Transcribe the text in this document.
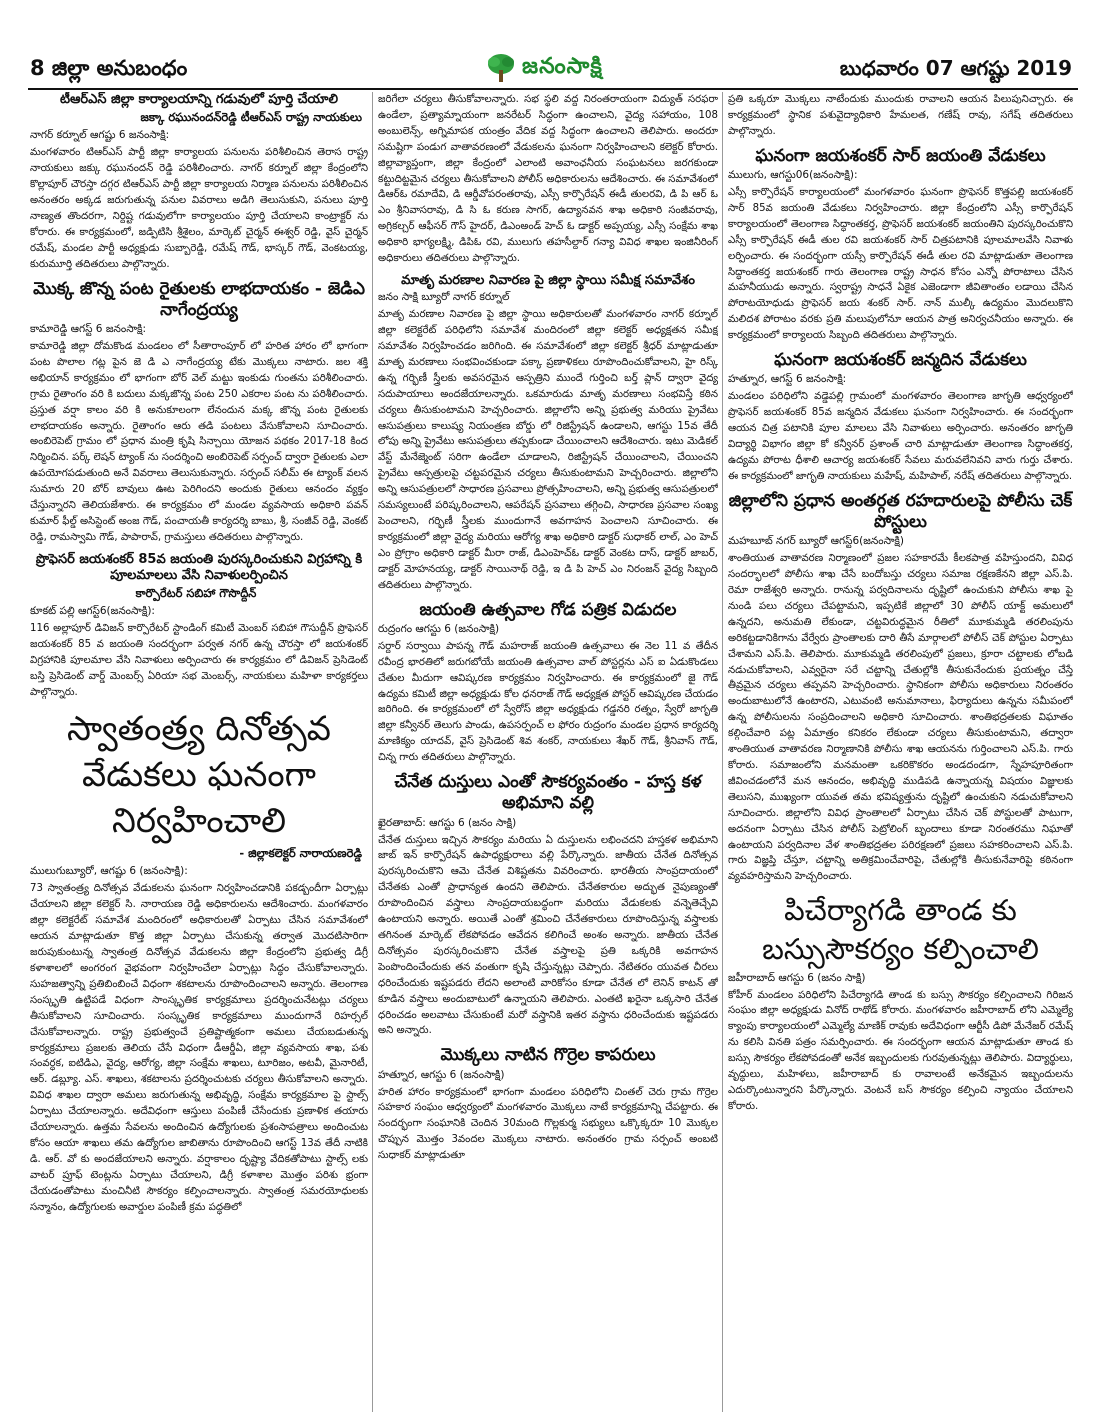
8 జిల్లా అనుబంధం	జనంసాక్షి	బుధవారం 07 ఆగష్టు 2019
టీఆర్ఎస్ జిల్లా కార్యాలయాన్ని గడువులో పూర్తి చేయాలి
జక్కా రఘునందన్‌రెడ్డి టీఆర్ఎస్ రాష్ట్ర నాయకులు
నాగర్ కర్నూల్ ఆగష్టు 6 జనంసాక్షి:
మంగళవారం టిఆర్ఎస్ పార్టీ జిల్లా కార్యాలయ పనులను పరిశీలించిన తెరాస రాష్ట్ర నాయకులు జక్కు రఘునందన్ రెడ్డి పరిశీలించారు. నాగర్ కర్నూల్ జిల్లా కేంద్రంలోని కొల్లాపూర్ చౌరస్తా దగ్గర టిఆర్ఎస్ పార్టీ జిల్లా కార్యాలయ నిర్మాణ పనులను పరిశీలించిన అనంతరం అక్కడ జరుగుతున్న పనుల వివరాలు అడిగి తెలుసుకుని, పనులు పూర్తి నాణ్యత తొందరగా, నిర్దిష్ట గడువులోగా కార్యాలయం పూర్తి చేయాలని కాంట్రాక్టర్ ను కోరారు. ఈ కార్యక్రమంలో, జడ్పిటిసి శ్రీశైలం, మార్కెట్ చైర్మన్ ఈశ్వర్ రెడ్డి, వైస్ చైర్మన్ రమేష్, మండల పార్టీ అధ్యక్షుడు సుబ్బారెడ్డి, రమేష్ గౌడ్, భాస్కర్ గౌడ్, వెంకటయ్య, కురుమూర్తి తదితరులు పాల్గొన్నారు.
మొక్క జొన్న పంట రైతులకు లాభదాయకం - జెడిఎ నాగేంద్రయ్య
కామారెడ్డి ఆగస్ట్ 6 జనంసాక్షి:
కామారెడ్డి జిల్లా దోమకొండ మండలం లో సీతారాంపూర్ లో హరిత హారం లో భాగంగా పంట పొలాల గట్ల పైన జె డి ఎ నాగేంద్రయ్య టేకు మొక్కలు నాటారు. జల శక్తి అభియాన్ కార్యక్రమం లో భాగంగా బోర్ వెల్ మట్టు ఇంకుడు గుంతను పరిశీలించారు. గ్రామ రైతాంగం వరి కి బదులు మక్కజొన్న పంట 250 ఎకరాల పంట ను పరిశీలించారు. ప్రస్తుత వర్షా కాలం వరి కి అనుకూలంగా లేనందున మక్క జొన్న పంట రైతులకు లాభదాయకం అన్నారు. రైతాంగం ఆరు తడి పంటలు వేసుకోవాలని సూచించారు. అంబిరెపెట్ గ్రామం లో ప్రధాన మంత్రి కృషి సిన్చాయి యోజన పథకం 2017-18 కింద నిర్మించిన. పర్క్ లెషన్ ట్యాంక్ ను సందర్శించి అంబిరెపెట్ సర్పంచ్ ద్వారా రైతులకు ఎలా ఉపయోగపడుతుంది అనే వివరాలు తెలుసుకున్నారు. సర్పంచ్ సలీమ్ ఈ ట్యాంక్ వలన సుమారు 20 బోర్ బావులు ఊట పెరిగిందని అందుకు రైతులు ఆనందం వ్యక్తం చేస్తున్నారని తెలియజేశారు. ఈ కార్యక్రమం లో మండల వ్యవసాయ అధికారి పవన్ కుమార్ ఫీల్డ్ అసిస్టెంట్ అంజ గౌడ్, పంచాయతీ కార్యదర్శి బాబు, శ్రీ, సంజీవ్ రెడ్డి, వెంకట్ రెడ్డి, రామస్వామి గౌడ్, పాపారావ్, గ్రామస్తులు తదితరులు పాల్గొన్నారు.
ప్రొఫెసర్ జయశంకర్ 85వ జయంతి పురస్కరించుకుని విగ్రహాన్ని కి పూలమాలలు వేసి నివాళులర్పించిన
కార్పొరేటర్ సబిహా గౌసొద్దీన్
కూకట్ పల్లి ఆగస్ట్6(జనంసాక్షి):
116 అల్లాపూర్ డివిజన్ కార్పొరేటర్ స్టాండింగ్ కమిటీ మెంబర్ సబిహా గౌసుద్దీన్ ప్రొఫెసర్ జయశంకర్ 85 వ జయంతి సందర్భంగా పర్వత నగర్ ఉన్న చౌరస్తా లో జయశంకర్ విగ్రహానికి పూలమాల వేసి నివాళులు అర్పించారు ఈ కార్యక్రమం లో డివిజన్ ప్రెసిడెంట్ బస్తి ప్రెసిడెంట్ వార్డ్ మెంబర్స్ ఏరియా సభ మెంబర్స్, నాయకులు మహిళా కార్యకర్తలు పాల్గొన్నారు.
స్వాతంత్ర్య దినోత్సవ వేడుకలు ఘనంగా నిర్వహించాలి
- జిల్లాకలెక్టర్ నారాయణరెడ్డి
ములుగుబ్యూరో, ఆగష్టు 6 (జనంసాక్షి):
73 స్వాతంత్ర్య దినోత్సవ వేడుకలను ఘనంగా నిర్వహించడానికి పకడ్బందీగా ఏర్పాట్లు చేయాలని జిల్లా కలెక్టర్ సి. నారాయణ రెడ్డి అధికారులను ఆదేశించారు. మంగళవారం జిల్లా కలెక్టరేట్ సమావేశ మందిరంలో అధికారులతో ఏర్పాటు చేసిన సమావేశంలో ఆయన మాట్లాడుతూ కొత్త జిల్లా ఏర్పాటు చేసుకున్న తర్వాత మొదటిసారిగా జరుపుకుంటున్న స్వాతంత్ర దినోత్సవ వేడుకలను జిల్లా కేంద్రంలోని ప్రభుత్వ డిగ్రీ కళాశాలలో అంగరంగ వైభవంగా నిర్వహించేలా ఏర్పాట్లు సిద్ధం చేసుకోవాలన్నారు. సుహజత్వాన్ని ప్రతిబింబించే విధంగా శకటాలను రూపొందించాలని అన్నారు. తెలంగాణ సంస్కృతి ఉట్టిపడే విధంగా సాంస్కృతిక కార్యక్రమాలు ప్రదర్శించునేటట్లు చర్యలు తీసుకోవాలని సూచించారు. సంస్కృతిక కార్యక్రమాలు ముందుగానే రిహర్సల్ చేసుకోవాలన్నారు. రాష్ట్ర ప్రభుత్వంచే ప్రతిష్టాత్మకంగా అమలు చేయబడుతున్న కార్యక్రమాలు ప్రజలకు తెలియ చేసే విధంగా డీఆర్డీఏ, జిల్లా వ్యవసాయ శాఖ, పశు సంవర్ధక, ఐటిడిఎ, వైద్య, ఆరోగ్య, జిల్లా సంక్షేమ శాఖలు, టూరిజం, అటవీ, మైనారిటీ, ఆర్. డబ్ల్యూ. ఎస్. శాఖలు, శకటాలను ప్రదర్శించుటకు చర్యలు తీసుకోవాలని అన్నారు. వివిధ శాఖల ద్వారా అమలు జరుగుతున్న అభివృద్ధి, సంక్షేమ కార్యక్రమాల పై స్టాల్స్ ఏర్పాటు చేయాలన్నారు. అదేవిధంగా ఆస్తులు పంపిణీ చేసేందుకు ప్రణాళిక తయారు చేయాలన్నారు. ఉత్తమ సేవలను అందించిన ఉద్యోగులకు ప్రశంసాపత్రాలు అందించుట కోసం ఆయా శాఖలు తమ ఉద్యోగుల జాబితాను రూపొందించి ఆగస్ట్ 13వ తేదీ నాటికి డి. ఆర్. వో కు అందజేయాలని అన్నారు. వర్షాకాలం దృష్ట్యా వేదికతోపాటు స్టాల్స్ లకు వాటర్ ప్రూఫ్ టెంట్లను ఏర్పాటు చేయాలని, డిగ్రీ కళాశాల మొత్తం పరిశు భ్రంగా చేయడంతోపాటు మంచినీటి సౌకర్యం కల్పించాలన్నారు. స్వాతంత్ర సమరయోధులకు సన్మానం, ఉద్యోగులకు అవార్డుల పంపిణీ క్రమ పద్ధతిలో
జరిగేలా చర్యలు తీసుకోవాలన్నారు. సభ స్థలి వద్ద నిరంతరాయంగా విద్యుత్ సరఫరా ఉండేలా, ప్రత్యామ్నాయంగా జనరేటర్ సిద్ధంగా ఉంచాలని, వైద్య సహాయం, 108 అంబులెన్స్, అగ్నిమాపక యంత్రం వేదిక వద్ద సిద్ధంగా ఉంచాలని తెలిపారు. అందరూ సమష్టిగా పండుగ వాతావరణంలో వేడుకలను ఘనంగా నిర్వహించాలని కలెక్టర్ కోరారు. జిల్లావ్యాప్తంగా, జిల్లా కేంద్రంలో ఎలాంటి అవాంఛనీయ సంఘటనలు జరగకుండా కట్టుదిట్టమైన చర్యలు తీసుకోవాలని పోలీస్ అధికారులను ఆదేశించారు. ఈ సమావేశంలో డిఆర్ఓ రమాదేవి, డి ఆర్డీవోపరంతరావు, ఎస్సీ కార్పొరేషన్ ఈడీ తులరవి, డి పి ఆర్ ఓ ఎం శ్రీనివాసరావు, డి సి ఓ కరుణ సాగర్, ఉద్యానవన శాఖ అధికారి సంజీవరావు, అగ్రికల్చర్ ఆఫీసర్ గౌస్ హైదర్, డిఎంఅండ్ హెచ్ ఓ డాక్టర్ అప్పయ్య, ఎస్సీ సంక్షేమ శాఖ అధికారి భాగ్యలక్ష్మి, డిపిఓ రవి, ములుగు తహసీల్దార్ గన్యా వివిధ శాఖల ఇంజినీరింగ్ అధికారులు తదితరులు పాల్గొన్నారు.
మాతృ మరణాల నివారణ పై జిల్లా స్థాయి సమీక్ష సమావేశం
జనం సాక్షి బ్యూరో నాగర్ కర్నూల్
మాతృ మరణాల నివారణ పై జిల్లా స్థాయి అధికారులతో మంగళవారం నాగర్ కర్నూల్ జిల్లా కలెక్టరేట్ పరిధిలోని సమావేశ మందిరంలో జిల్లా కలెక్టర్ అధ్యక్షతన సమీక్ష సమావేశం నిర్వహించడం జరిగింది. ఈ సమావేశంలో జిల్లా కలెక్టర్ శ్రీధర్ మాట్లాడుతూ మాతృ మరణాలు సంభవించకుండా పక్కా ప్రణాళికలు రూపొందించుకోవాలని, హై రిస్క్ ఉన్న గర్భిణీ స్త్రీలకు అవసరమైన ఆస్పత్రిని ముందే గుర్తించి బర్త్ ప్లాన్ ద్వారా వైద్య సదుపాయాలు అందజేయాలన్నారు. ఒకమారుడు మాతృ మరణాలు సంభవిస్తే కఠిన చర్యలు తీసుకుంటామని హెచ్చరించారు. జిల్లాలోని అన్ని ప్రభుత్వ మరియు ప్రైవేటు ఆసుపత్రులు కాలుష్య నియంత్రణ బోర్డు లో రిజిస్ట్రేషన్ ఉండాలని, ఆగస్టు 15వ తేదీ లోపు అన్ని ప్రైవేటు ఆసుపత్రులు తప్పకుండా చేయించాలని ఆదేశించారు. ఇటు మెడికల్ వేస్ట్ మేనేజ్మెంట్ సరిగా ఉండేలా చూడాలని, రిజిస్ట్రేషన్ చేయించాలని, చేయించని ప్రైవేటు ఆస్పత్రులపై చట్టపరమైన చర్యలు తీసుకుంటామని హెచ్చరించారు. జిల్లాలోని అన్ని ఆసుపత్రులలో సాధారణ ప్రసవాలు ప్రోత్సహించాలని, అన్ని ప్రభుత్వ ఆసుపత్రులలో సమస్యలుంటే పరిష్కరించాలని, ఆపరేషన్ ప్రసవాలు తగ్గించి, సాధారణ ప్రసవాల సంఖ్య పెంచాలని, గర్భిణీ స్త్రీలకు ముందుగానే అవగాహన పెంచాలని సూచించారు. ఈ కార్యక్రమంలో జిల్లా వైద్య మరియు ఆరోగ్య శాఖ అధికారి డాక్టర్ సుధాకర్ లాల్, ఎం హెచ్ ఎం ప్రోగ్రాం అధికారి డాక్టర్ మీరా రాజ్, డిఎంహెచ్ఓ డాక్టర్ వెంకట దాస్, డాక్టర్ జాబర్, డాక్టర్ మోహనయ్య, డాక్టర్ సాయినాథ్ రెడ్డి, ఇ డి పి హెచ్ ఎం నిరంజన్ వైద్య సిబ్బంది తదితరులు పాల్గొన్నారు.
జయంతి ఉత్సవాల గోడ పత్రిక విడుదల
రుద్రంగం ఆగస్టు 6 (జనంసాక్షి)
సర్దార్ సర్వాయి పాపన్న గౌడ్ మహరాజ్ జయంతి ఉత్సవాలు ఈ నెల 11 వ తేదీన రవీంద్ర భారతిలో జరుగబోయే జయంతి ఉత్సవాల వాల్ పోస్టర్లను ఎస్ ఐ ఏడుకొండలు చేతుల మీదుగా ఆవిష్కరణ కార్యక్రమం నిర్వహించారు. ఈ కార్యక్రమంలో జై గౌడ్ ఉద్యమ కమిటీ జిల్లా అధ్యక్షుడు కోల ధనరాజ్ గౌడ్ అధ్యక్షత పోస్టర్ ఆవిష్కరణ చేయడం జరిగింది. ఈ కార్యక్రమంలో లో స్వేరోస్ జిల్లా అధ్యక్షుడు గడ్డనరి రత్నం, స్వేరో జాగృతి జిల్లా కన్వీనర్ తెలుగు పాండు, ఉపసర్పంచ్ ల ఫోరం రుద్రంగం మండల ప్రధాన కార్యదర్శి మాణిక్యం యాదవ్, వైస్ ప్రెసిడెంట్ శివ శంకర్, నాయకులు శేఖర్ గౌడ్, శ్రీనివాస్ గౌడ్, చిన్న గారు తదితరులు పాల్గొన్నారు.
చేనేత దుస్తులు ఎంతో సౌకర్యవంతం - హస్త కళ అభిమాని వల్లి
ఖైరతాబాద్: ఆగస్టు 6 (జనం సాక్షి)
చేనేత దుస్తులు ఇచ్చిన సౌకర్యం మరియు ఏ దుస్తులను లభించదని హస్తకళ అభిమాని జాబ్ ఇన్ కార్పొరేషన్ ఉపాధ్యక్షురాలు వల్లి పేర్కొన్నారు. జాతీయ చేనేత దినోత్సవ పురస్కరించుకొని ఆమె చేనేత విశిష్టతను వివరించారు. భారతీయ సాంప్రదాయంలో చేనేతకు ఎంతో ప్రాధాన్యత ఉందని తెలిపారు. చేనేతకారుల అద్భుత నైపుణ్యంతో రూపొందించిన వస్త్రాలు సాంప్రదాయబద్ధంగా మరియు వేడుకలకు వన్నెతెచ్చేవి ఉంటాయని అన్నారు. అయితే ఎంతో శ్రమించి చేనేతకారులు రూపొందిస్తున్న వస్త్రాలకు తగినంత మార్కెట్ లేకపోవడం ఆవేదన కలిగించే అంశం అన్నారు. జాతీయ చేనేత దినోత్సవం పురస్కరించుకొని చేనేత వస్త్రాలపై ప్రతి ఒక్కరికి అవగాహన పెంపొందించేందుకు తన వంతుగా కృషి చేస్తున్నట్లు చెప్పారు. నేటితరం యువత చీరలు ధరించేందుకు ఇష్టపడరు లేదని అలాంటి వారికోసం కూడా చేనేత లో లెనిన్ కాటన్ తో కూడిన వస్త్రాలు అందుబాటులో ఉన్నాయని తెలిపారు. ఎంతటి ఖరైనా ఒక్కసారి చేనేత ధరించడం అలవాటు చేసుకుంటే మరో వస్త్రానికి ఇతర వస్త్రాను ధరించేందుకు ఇష్టపడరు అని అన్నారు.
మొక్కలు నాటిన గొర్రెల కాపరులు
హత్నూర, ఆగస్టు 6 (జనంసాక్షి)
హరిత హారం కార్యక్రమంలో భాగంగా మండలం పరిధిలోని చింతల్ చెరు గ్రామ గొర్రెల సహకార సంఘం ఆధ్వర్యంలో మంగళవారం మొక్కలు నాటే కార్యక్రమాన్ని చేపట్టారు. ఈ సందర్భంగా సంఘానికి చెందిన 30మంది గొల్లకుర్మ సభ్యులు ఒక్కొక్కరూ 10 మొక్కల చొప్పున మొత్తం 3వందల మొక్కలు నాటారు. అనంతరం గ్రామ సర్పంచ్ అంబటి సుధాకర్ మాట్లాడుతూ
ప్రతి ఒక్కరూ మొక్కలు నాటేందుకు ముందుకు రావాలని ఆయన పిలుపునిచ్చారు. ఈ కార్యక్రమంలో స్థానిక పశువైద్యాధికారి హేమలత, గణేష్ రావు, సగేష్ తదితరులు పాల్గొన్నారు.
ఘనంగా జయశంకర్ సార్ జయంతి వేడుకలు
ములుగు, ఆగస్టు06(జనంసాక్షి):
ఎస్సీ కార్పొరేషన్ కార్యాలయంలో మంగళవారం ఘనంగా ప్రొఫెసర్ కొత్తపల్లి జయశంకర్ సార్ 85వ జయంతి వేడుకలు నిర్వహించారు. జిల్లా కేంద్రంలోని ఎస్సీ కార్పొరేషన్ కార్యాలయంలో తెలంగాణ సిద్ధాంతకర్త, ప్రొఫెసర్ జయశంకర్ జయంతిని పురస్కరించుకొని ఎస్సీ కార్పొరేషన్ ఈడీ తుల రవి జయశంకర్ సార్ చిత్రపటానికి పూలమాలవేసి నివాళు లర్పించారు. ఈ సందర్భంగా యస్సీ కార్పొరేషన్ ఈడీ తుల రవి మాట్లాడుతూ తెలంగాణ సిద్ధాంతకర్త జయశంకర్ గారు తెలంగాణ రాష్ట్ర సాధన కోసం ఎన్నో పోరాటాలు చేసిన మహనీయుడు అన్నారు. స్వరాష్ట్ర సాధనే ఏకైక ఎజెండాగా జీవితాంతం లడాయి చేసిన పోరాటయోధుడు ప్రొఫెసర్ జయ శంకర్ సార్. నాన్ ముల్కీ ఉద్యమం మొదలుకొని మలిదశ పోరాటం వరకు ప్రతి మలుపులోనూ ఆయన పాత్ర అనిర్వచనీయం అన్నారు. ఈ కార్యక్రమంలో కార్యాలయ సిబ్బంది తదితరులు పాల్గొన్నారు.
ఘనంగా జయశంకర్ జన్మదిన వేడుకలు
హత్నూర, ఆగస్ట్ 6 జనంసాక్షి:
మండలం పరిధిలోని వడ్డెపల్లి గ్రామంలో మంగళవారం తెలంగాణ జాగృతి ఆధ్వర్యంలో ప్రొఫెసర్ జయశంకర్ 85వ జన్మదిన వేడుకలు ఘనంగా నిర్వహించారు. ఈ సందర్భంగా ఆయన చిత్ర పటానికి పూల మాలలు వేసి నివాళులు అర్పించారు. అనంతరం జాగృతి విద్యార్థి విభాగం జిల్లా కో కన్వీనర్ ప్రశాంత్ చారి మాట్లాడుతూ తెలంగాణ సిద్ధాంతకర్త, ఉద్యమ పోరాట ధీశాలి ఆచార్య జయశంకర్ సేవలు మరువలేనివని వారు గుర్తు చేశారు. ఈ కార్యక్రమంలో జాగృతి నాయకులు మహేష్, మహిపాల్, నరేష్ తదితరులు పాల్గొన్నారు.
జిల్లాలోని ప్రధాన అంతర్గత రహదారులపై పోలీసు చెక్ పోస్టులు
మహబూబ్ నగర్ బ్యూరో ఆగస్ట్6(జనంసాక్షి)
శాంతియుత వాతావరణ నిర్మాణంలో ప్రజల సహకారమే కీలకపాత్ర వహిస్తుందని, వివిధ సందర్భాలలో పోలీసు శాఖ చేసే బందోబస్తు చర్యలు సమాజ రక్షణకేనని జిల్లా ఎస్.పి. రెమా రాజేశ్వరి అన్నారు. రానున్న పర్వదినాలను దృష్టిలో ఉంచుకుని పోలీసు శాఖ పై నుండి పలు చర్యలు చేపట్టామని, ఇప్పటికే జిల్లాలో 30 పోలీస్ యాక్ట్ అమలులో ఉన్నదని, అనుమతి లేకుండా, చట్టవిరుద్ధమైన రీతిలో మూకుమ్మడి తరలింపును అరికట్టడానికిగాను వేర్వేరు ప్రాంతాలకు దారి తీసే మార్గాలలో పోలీస్ చెక్ పోస్టుల ఏర్పాటు చేశామని ఎస్.పి. తెలిపారు. మూకుమ్మడి తరలింపులో ప్రజలు, క్రూరా చట్టాలకు లోబడి నడుచుకోవాలని, ఎవ్వరైనా సరే చట్టాన్ని చేతుల్లోకి తీసుకునేందుకు ప్రయత్నం చేస్తే తీవ్రమైన చర్యలు తప్పవని హెచ్చరించారు. స్థానికంగా పోలీసు అధికారులు నిరంతరం అందుబాటులోనే ఉంటారని, ఎటువంటి అనుమానాలు, ఫిర్యాదులు ఉన్నను సమీపంలో ఉన్న పోలీసులను సంప్రదించాలని అధికారి సూచించారు. శాంతిభద్రతలకు విఘాతం కల్గించేవారి పట్ల ఏమాత్రం కనికరం లేకుండా చర్యలు తీసుకుంటామని, తద్వారా శాంతియుత వాతావరణ నిర్మాణానికి పోలీసు శాఖ ఆయనను గుర్తించాలని ఎస్.పి. గారు కోరారు. సమాజంలోని మనమంతా ఒకరికొకరం అండదండగా, స్నేహపూరితంగా జీవించడంలోనే మన ఆనందం, అభివృద్ధి ముడిపడి ఉన్నాయన్న విషయం విజ్ఞులకు తెలుసని, ముఖ్యంగా యువత తమ భవిష్యత్తును దృష్టిలో ఉంచుకుని నడుచుకోవాలని సూచించారు. జిల్లాలోని వివిధ ప్రాంతాలలో ఏర్పాటు చేసిన చెక్ పోస్టులతో పాటుగా, అదనంగా ఏర్పాటు చేసిన పోలీస్ పెట్రోలింగ్ బృందాలు కూడా నిరంతరము నిఘాతో ఉంటాయని పర్వదినాల వేళ శాంతిభద్రతల పరిరక్షణలో ప్రజలు సహకరించాలని ఎస్.పి. గారు విజ్ఞప్తి చేస్తూ, చట్టాన్ని అతిక్రమించేవారిపై, చేతుల్లోకి తీసుకునేవారిపై కఠినంగా వ్యవహరిస్తామని హెచ్చరించారు.
పిచేర్యాగడి తాండ కు బస్సుసౌకర్యం కల్పించాలి
జహీరాబాద్ ఆగస్టు 6 (జనం సాక్షి)
కోహీర్ మండలం పరిధిలోని పిచేర్యాగడి తాండ కు బస్సు సౌకర్యం కల్పించాలని గిరిజన సంఘం జిల్లా అధ్యక్షుడు వినోద్ రాథోడ్ కోరారు. మంగళవారం జహీరాబాద్ లోని ఎమ్మెల్యే క్యాంపు కార్యాలయంలో ఎమ్మెల్యే మాణిక్ రావుకు అదేవిధంగా ఆర్టీసీ డిపో మేనేజర్ రమేష్ ను కలిసి వినతి పత్రం సమర్పించారు. ఈ సందర్భంగా ఆయన మాట్లాడుతూ తాండ కు బస్సు సౌకర్యం లేకపోవడంతో అనేక ఇబ్బందులకు గురవుతున్నట్లు తెలిపారు. విద్యార్థులు, వృద్ధులు, మహిళలు, జహీరాబాద్ కు రావాలంటే అనేకమైన ఇబ్బందులను ఎదుర్కొంటున్నారని పేర్కొన్నారు. వెంటనే బస్ సౌకర్యం కల్పించి న్యాయం చేయాలని కోరారు.
